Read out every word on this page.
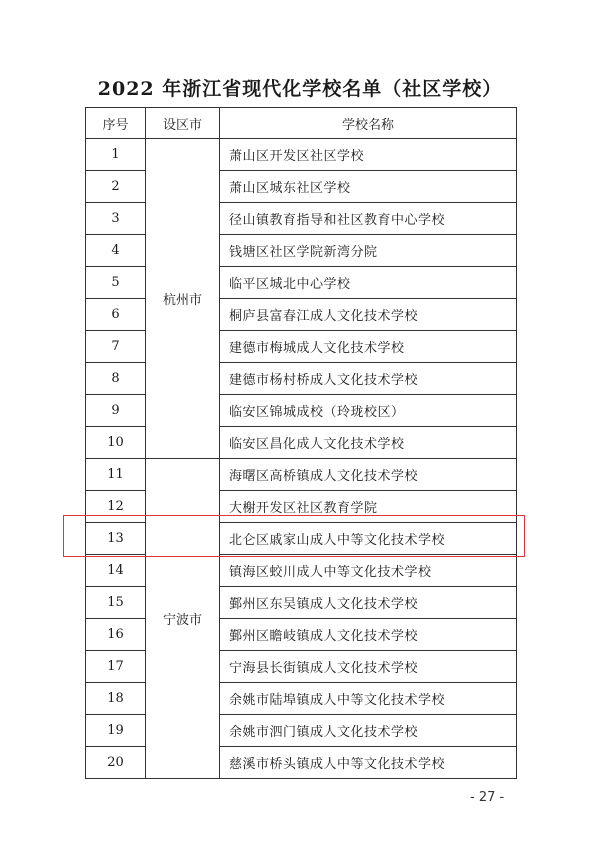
2022 年浙江省现代化学校名单（社区学校）
序号	设区市	学校名称
1	杭州市	萧山区开发区社区学校
2		萧山区城东社区学校
3		径山镇教育指导和社区教育中心学校
4		钱塘区社区学院新湾分院
5		临平区城北中心学校
6		桐庐县富春江成人文化技术学校
7		建德市梅城成人文化技术学校
8		建德市杨村桥成人文化技术学校
9		临安区锦城成校（玲珑校区）
10		临安区昌化成人文化技术学校
11	宁波市	海曙区高桥镇成人文化技术学校
12		大榭开发区社区教育学院
13		北仑区戚家山成人中等文化技术学校
14		镇海区蛟川成人中等文化技术学校
15		鄞州区东吴镇成人文化技术学校
16		鄞州区瞻岐镇成人文化技术学校
17		宁海县长街镇成人文化技术学校
18		余姚市陆埠镇成人中等文化技术学校
19		余姚市泗门镇成人文化技术学校
20		慈溪市桥头镇成人中等文化技术学校
- 27 -
